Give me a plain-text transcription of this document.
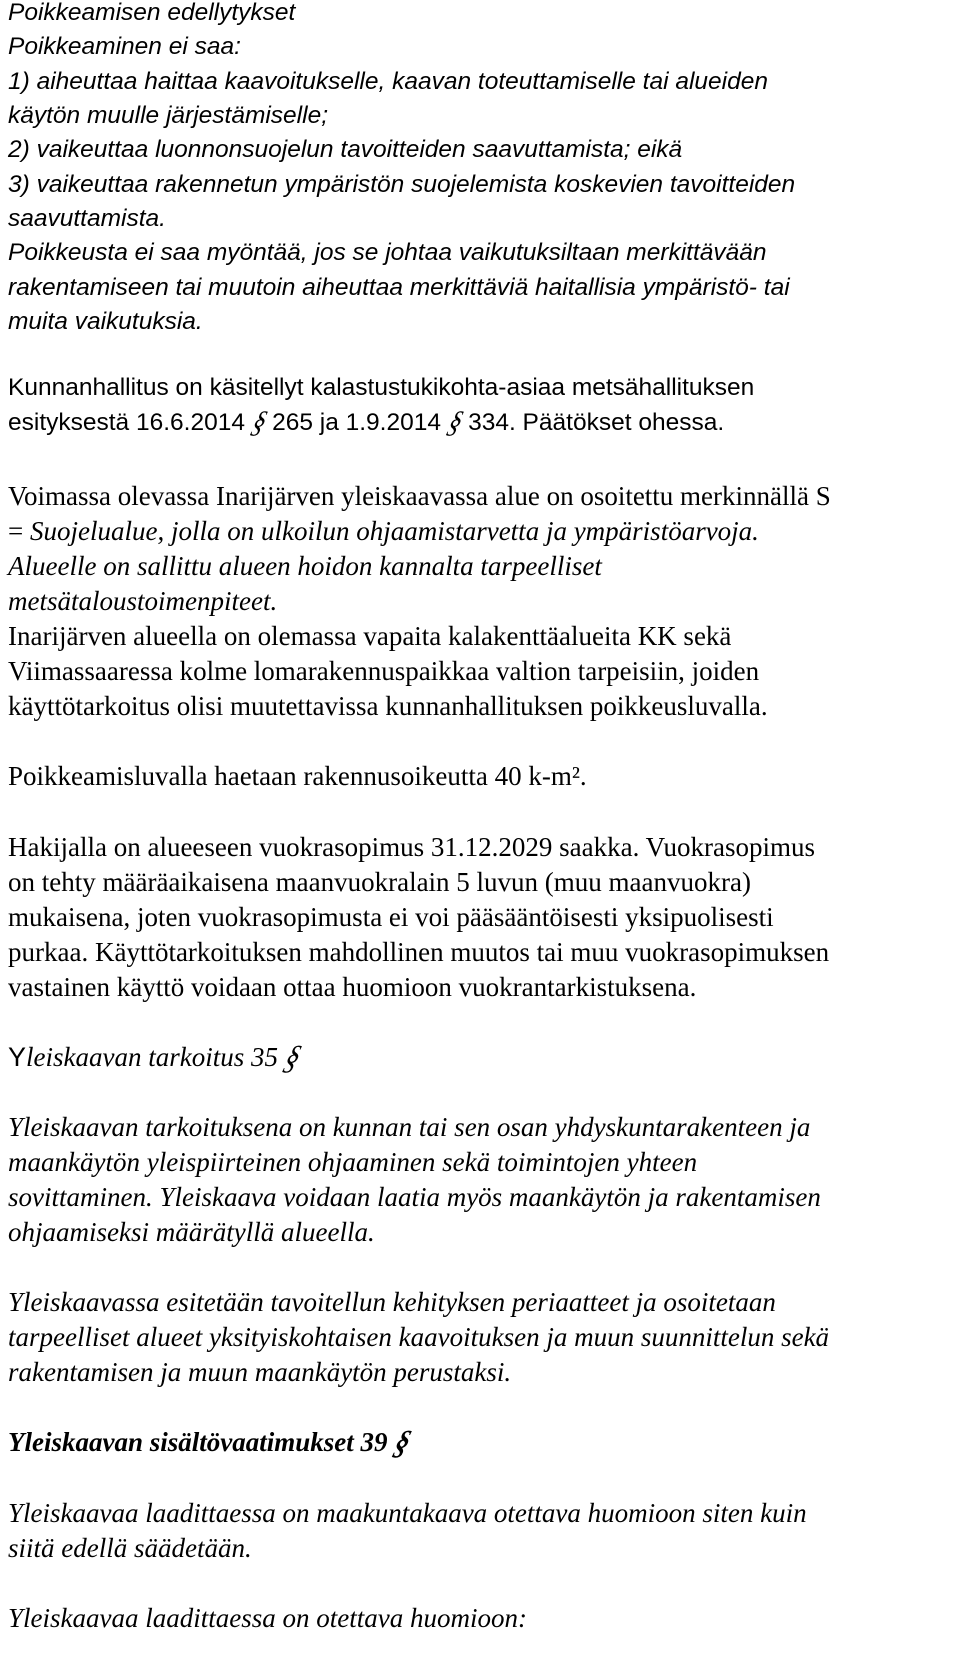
Poikkeamisen edellytykset

Poikkeaminen ei saa:

1) aiheuttaa haittaa kaavoitukselle, kaavan toteuttamiselle tai alueiden

käytön muulle järjestämiselle;

2) vaikeuttaa luonnonsuojelun tavoitteiden saavuttamista; eikä

3) vaikeuttaa rakennetun ympäristön suojelemista koskevien tavoitteiden

saavuttamista.

Poikkeusta ei saa myöntää, jos se johtaa vaikutuksiltaan merkittävään

rakentamiseen tai muutoin aiheuttaa merkittäviä haitallisia ympäristö- tai

muita vaikutuksia.

Kunnanhallitus on käsitellyt kalastustukikohta-asiaa metsähallituksen

esityksestä 16.6.2014 § 265 ja 1.9.2014 § 334. Päätökset ohessa.

Voimassa olevassa Inarijärven yleiskaavassa alue on osoitettu merkinnällä S

= Suojelualue, jolla on ulkoilun ohjaamistarvetta ja ympäristöarvoja.

Alueelle on sallittu alueen hoidon kannalta tarpeelliset

metsätaloustoimenpiteet.

Inarijärven alueella on olemassa vapaita kalakenttäalueita KK sekä

Viimassaaressa kolme lomarakennuspaikkaa valtion tarpeisiin, joiden

käyttötarkoitus olisi muutettavissa kunnanhallituksen poikkeusluvalla.

Poikkeamisluvalla haetaan rakennusoikeutta 40 k-m².

Hakijalla on alueeseen vuokrasopimus 31.12.2029 saakka. Vuokrasopimus

on tehty määräaikaisena maanvuokralain 5 luvun (muu maanvuokra)

mukaisena, joten vuokrasopimusta ei voi pääsääntöisesti yksipuolisesti

purkaa. Käyttötarkoituksen mahdollinen muutos tai muu vuokrasopimuksen

vastainen käyttö voidaan ottaa huomioon vuokrantarkistuksena.

Yleiskaavan tarkoitus 35§

Yleiskaavan tarkoituksena on kunnan tai sen osan yhdyskuntarakenteen ja

maankäytön yleispiirteinen ohjaaminen sekä toimintojen yhteen

sovittaminen. Yleiskaava voidaan laatia myös maankäytön ja rakentamisen

ohjaamiseksi määrätyllä alueella.

Yleiskaavassa esitetään tavoitellun kehityksen periaatteet ja osoitetaan

tarpeelliset alueet yksityiskohtaisen kaavoituksen ja muun suunnittelun sekä

rakentamisen ja muun maankäytön perustaksi.

Yleiskaavan sisältövaatimukset 39§

Yleiskaavaa laadittaessa on maakuntakaava otettava huomioon siten kuin

siitä edellä säädetään.

Yleiskaavaa laadittaessa on otettava huomioon:
